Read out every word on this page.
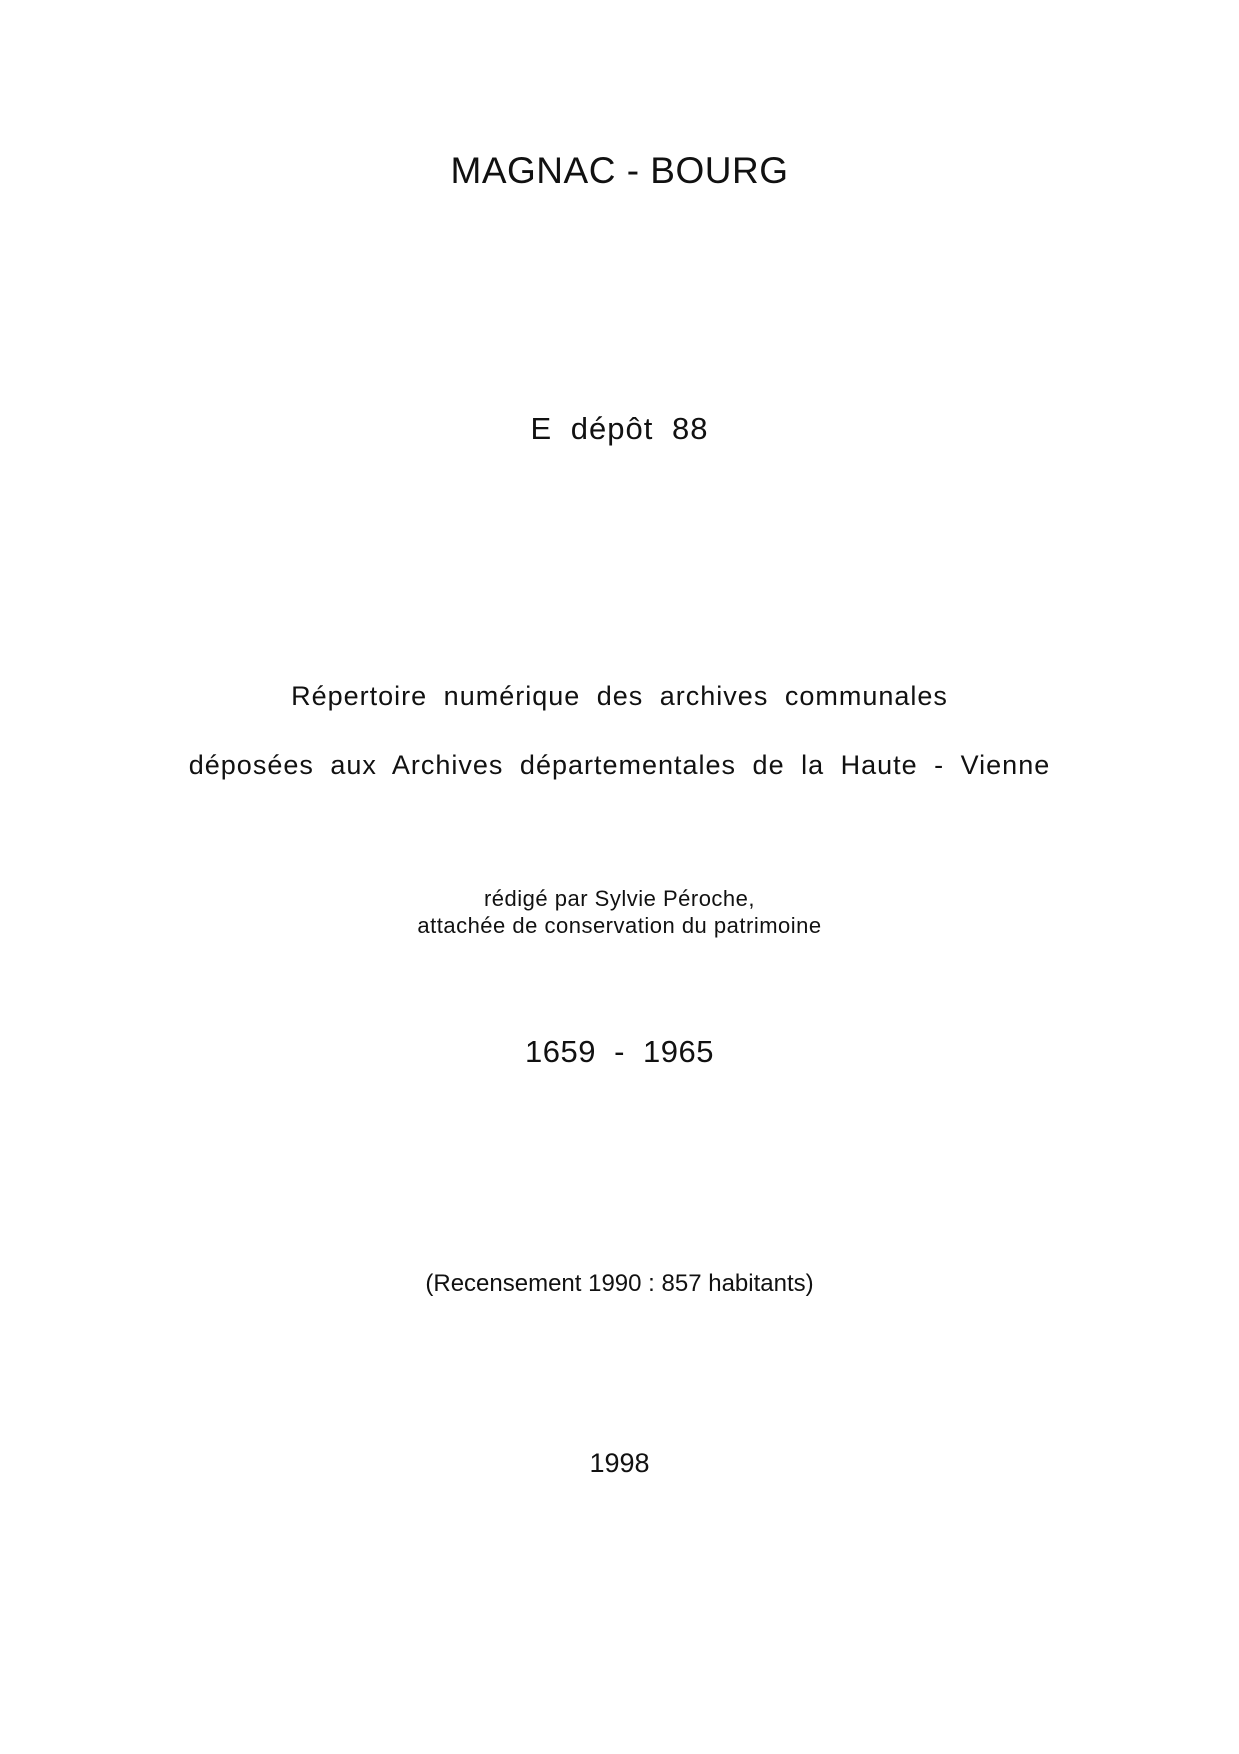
MAGNAC - BOURG
E dépôt 88
Répertoire numérique des archives communales
déposées aux Archives départementales de la Haute - Vienne
rédigé par Sylvie Péroche,
attachée de conservation du patrimoine
1659 - 1965
(Recensement 1990 : 857 habitants)
1998
